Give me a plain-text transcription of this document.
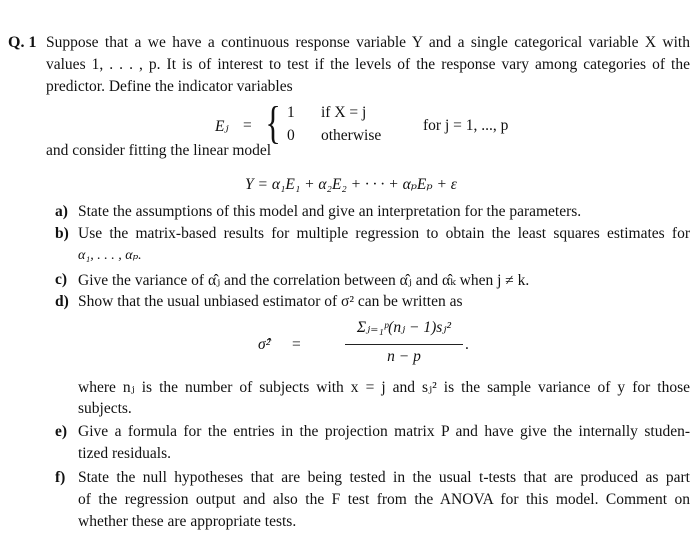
Q. 1 Suppose that a we have a continuous response variable Y and a single categorical variable X with
values 1, . . . , p. It is of interest to test if the levels of the response vary among categories of the
predictor. Define the indicator variables
Eⱼ = { 1
0
if X = j
otherwise
for j = 1, ..., p
and consider fitting the linear model
Y = α₁E₁ + α₂E₂ + · · · + αₚEₚ + ε
a) State the assumptions of this model and give an interpretation for the parameters.
b) Use the matrix-based results for multiple regression to obtain the least squares estimates for
α₁, . . . , αₚ.
c) Give the variance of α̂ⱼ and the correlation between α̂ⱼ and α̂ₖ when j ≠ k.
d) Show that the usual unbiased estimator of σ² can be written as
σ̂² =
Σⱼ₌₁ᵖ(nⱼ − 1)sⱼ²
n − p
.
where nⱼ is the number of subjects with x = j and sⱼ² is the sample variance of y for those
subjects.
e) Give a formula for the entries in the projection matrix P and have give the internally studen-
tized residuals.
f) State the null hypotheses that are being tested in the usual t-tests that are produced as part
of the regression output and also the F test from the ANOVA for this model. Comment on
whether these are appropriate tests.
